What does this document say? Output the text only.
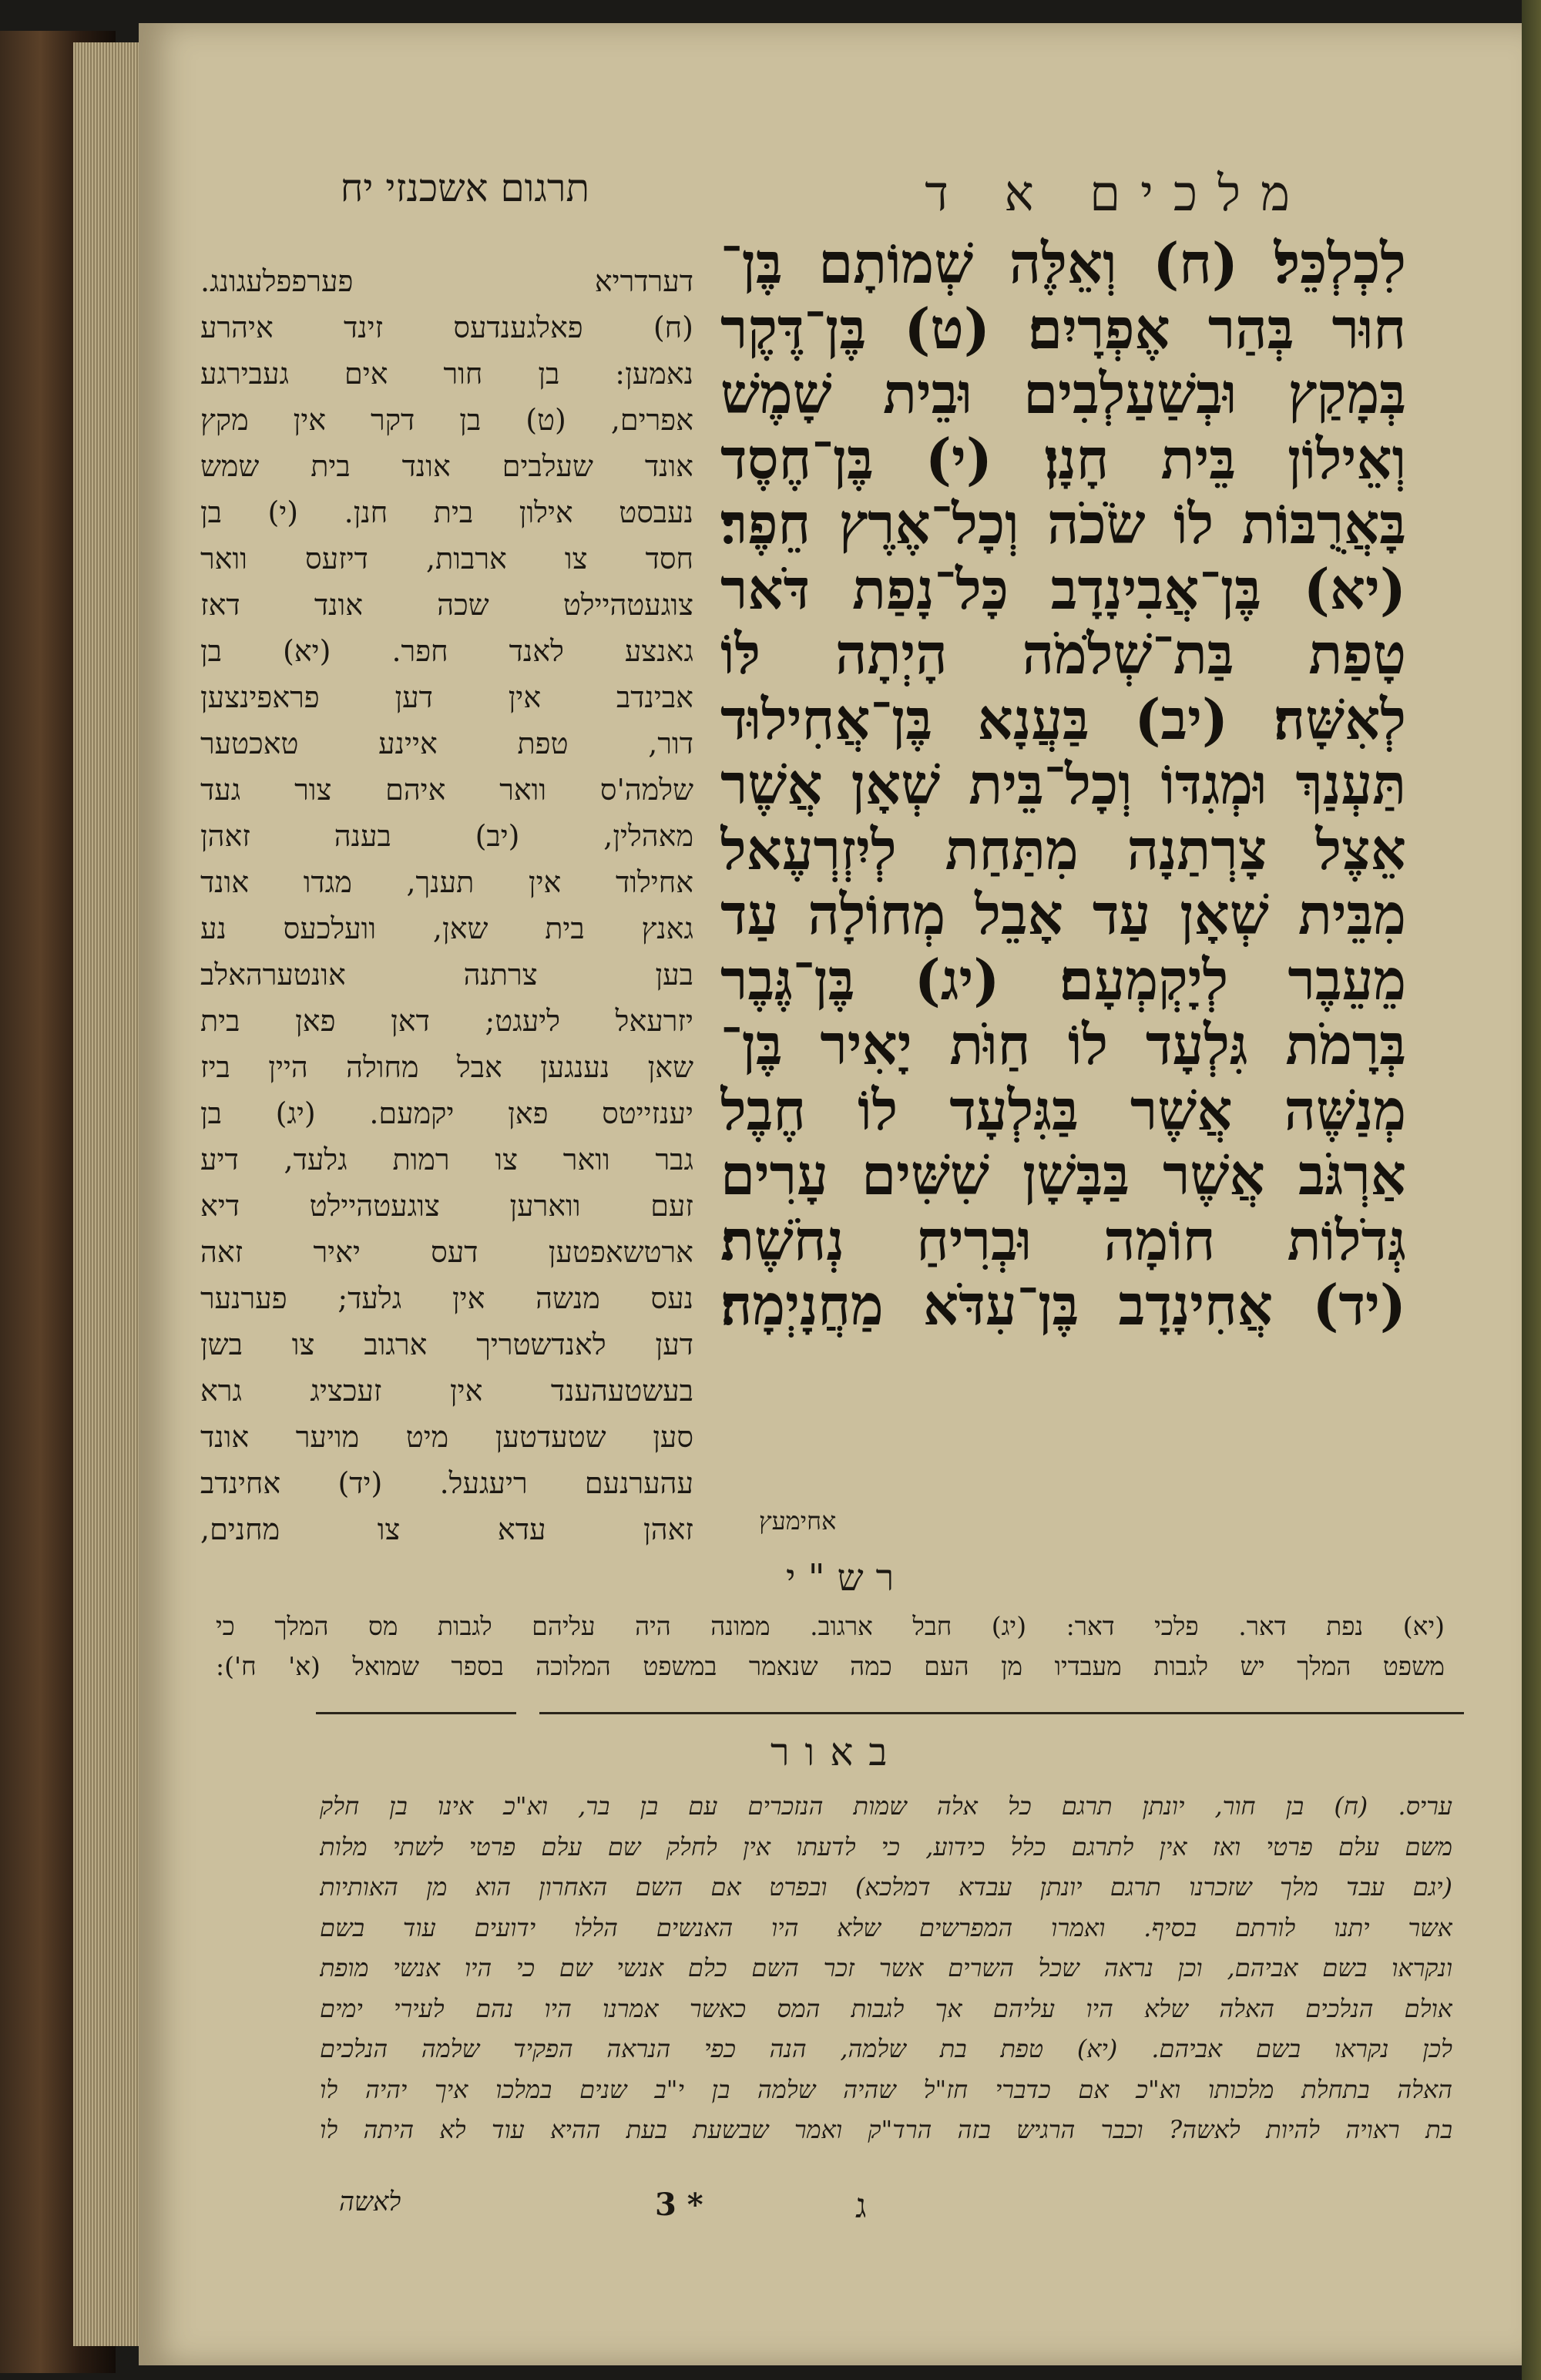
מלכים א ד
תרגום אשכנזי יח
לִכְלְכֵּל׃ (ח) וְאֵלֶּה שְׁמוֹתָם בֶּן־
חוּר בְּהַר אֶפְרָיִם׃ (ט) בֶּן־דֶּקֶר
בְּמָקַץ וּבְשַׁעַלְבִים וּבֵית שָׁמֶשׁ
וְאֵילוֹן בֵּית חָנָן׃ (י) בֶּן־חֶסֶד
בָּאֲרֻבּוֹת לוֹ שֹׂכֹה וְכָל־אֶרֶץ חֵפֶר׃
(יא) בֶּן־אֲבִינָדָב כָּל־נָפַת דֹּאר
טָפַת בַּת־שְׁלֹמֹה הָיְתָה לּוֹ
לְאִשָּׁה׃ (יב) בַּעֲנָא בֶּן־אֲחִילוּד
תַּעְנַךְ וּמְגִדּוֹ וְכָל־בֵּית שְׁאָן אֲשֶׁר
אֵצֶל צָרְתַנָה מִתַּחַת לְיִזְרְעֶאל
מִבֵּית שְׁאָן עַד אָבֵל מְחוֹלָה עַד
מֵעֵבֶר לְיָקְמְעָם׃ (יג) בֶּן־גֶּבֶר
בְּרָמֹת גִּלְעָד לוֹ חַוֹּת יָאִיר בֶּן־
מְנַשֶּׁה אֲשֶׁר בַּגִּלְעָד לוֹ חֶבֶל
אַרְגֹּב אֲשֶׁר בַּבָּשָׁן שִׁשִּׁים עָרִים
גְּדֹלוֹת חוֹמָה וּבְרִיחַ נְחֹשֶׁת׃
(יד) אֲחִינָדָב בֶּן־עִדֹּא מַחֲנָיְמָה׃
אחימעץ
דערדריא פערפפלעגונג.
(ח) פאלגענדעס זינד איהרע
נאמען: בן חור אים געבירגע
אפרים, (ט) בן דקר אין מקץ
אונד שעלבים אונד בית שמש
נעבסט אילון בית חנן. (י) בן
חסד צו ארבות, דיזעס וואר
צוגעטהיילט שכה אונד דאז
גאנצע לאנד חפר. (יא) בן
אבינדב אין דען פראפינצען
דור, טפת איינע טאכטער
שלמה'ס וואר איהם צור געד
מאהלין, (יב) בענה זאהן
אחילוד אין תענך, מגדו אונד
גאנץ בית שאן, וועלכעס נע
בען צרתנה אונטערהאלב
יזרעאל ליעגט; דאן פאן בית
שאן נענגען אבל מחולה היין ביז
יענזייטס פאן יקמעם. (יג) בן
גבר וואר צו רמות גלעד, דיע
זעם ווארען צוגעטהיילט דיא
ארטשאפטען דעס יאיר זאה
נעס מנשה אין גלעד; פערנער
דען לאנדשטריך ארגוב צו בשן
בעשטעהענד אין זעכציג גרא
סען שטעדטען מיט מויער אונד
עהערנעם ריעגעל. (יד) אחינדב
זאהן עדא צו מחנים,
רש"י
(יא) נפת דאר. פלכי דאר: (יג) חבל ארגוב. ממונה היה עליהם לגבות מס המלך כי
משפט המלך יש לגבות מעבדיו מן העם כמה שנאמר במשפט המלוכה בספר שמואל (א' ח'):
באור
עריס. (ח) בן חור, יונתן תרגם כל אלה שמות הנזכרים עם בן בר, וא"כ אינו בן חלק
משם עלם פרטי ואז אין לתרגם כלל כידוע, כי לדעתו אין לחלק שם עלם פרטי לשתי מלות
(יגם עבד מלך שזכרנו תרגם יונתן עבדא דמלכא) ובפרט אם השם האחרון הוא מן האותיות
אשר יתנו לורתם בסיף. ואמרו המפרשים שלא היו האנשים הללו ידועים עוד בשם
ונקראו בשם אביהם, וכן נראה שכל השרים אשר זכר השם כלם אנשי שם כי היו אנשי מופת
אולם הנלכים האלה שלא היו עליהם אך לגבות המס כאשר אמרנו היו נהם לעירי ימים
לכן נקראו בשם אביהם. (יא) טפת בת שלמה, הנה כפי הנראה הפקיד שלמה הנלכים
האלה בתחלת מלכותו וא"כ אם כדברי חז"ל שהיה שלמה בן י"ב שנים במלכו איך יהיה לו
בת ראויה להיות לאשה? וכבר הרגיש בזה הרד"ק ואמר שבשעת בעת ההיא עוד לא היתה לו
לאשה	3 *	ג
